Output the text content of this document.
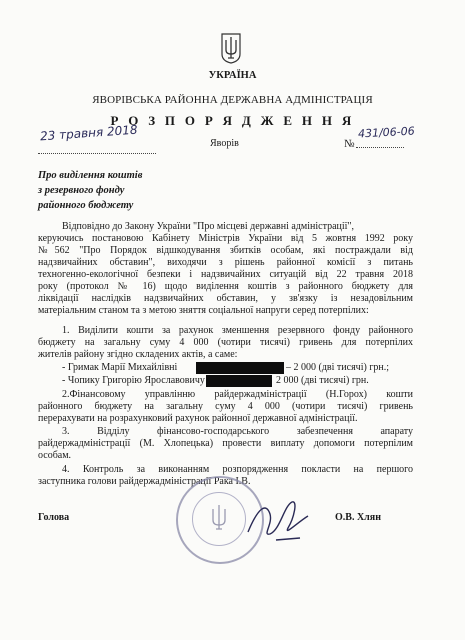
УКРАЇНА
ЯВОРІВСЬКА РАЙОННА ДЕРЖАВНА АДМІНІСТРАЦІЯ
Р О З П О Р Я Д Ж Е Н Н Я
23 травня 2018
Яворів	№
431/06-06
Про виділення коштів
з резервного фонду
районного бюджету
Відповідно до Закону України "Про місцеві державні адміністрації",
керуючись постановою Кабінету Міністрів України від 5 жовтня 1992 року
№562 "Про Порядок відшкодування збитків особам, які постраждали від
надзвичайних обставин", виходячи з рішень районної комісії з питань
техногенно-екологічної безпеки і надзвичайних ситуацій від 22 травня 2018
року (протокол № 16) щодо виділення коштів з районного бюджету для
ліквідації наслідків надзвичайних обставин, у зв'язку із незадовільним
матеріальним станом та з метою зняття соціальної напруги серед потерпілих:
1. Виділити кошти за рахунок зменшення резервного фонду районного
бюджету на загальну суму 4 000 (чотири тисячі) гривень для потерпілих
жителів району згідно складених актів, а саме:
- Гримак Марії Михайлівні	– 2 000 (дві тисячі) грн.;
- Чопику Григорію Ярославовичу	2 000 (дві тисячі) грн.
2.Фінансовому управлінню райдержадміністрації (Н.Горох) кошти
районного бюджету на загальну суму 4 000 (чотири тисячі) гривень
перерахувати на розрахунковий рахунок районної державної адміністрації.
3. Відділу фінансово-господарського забезпечення апарату
райдержадміністрації (М. Хлопецька) провести виплату допомоги потерпілим
особам.
4. Контроль за виконанням розпорядження покласти на першого
заступника голови райдержадміністрації Рака І.В.
Голова	О.В. Хлян
